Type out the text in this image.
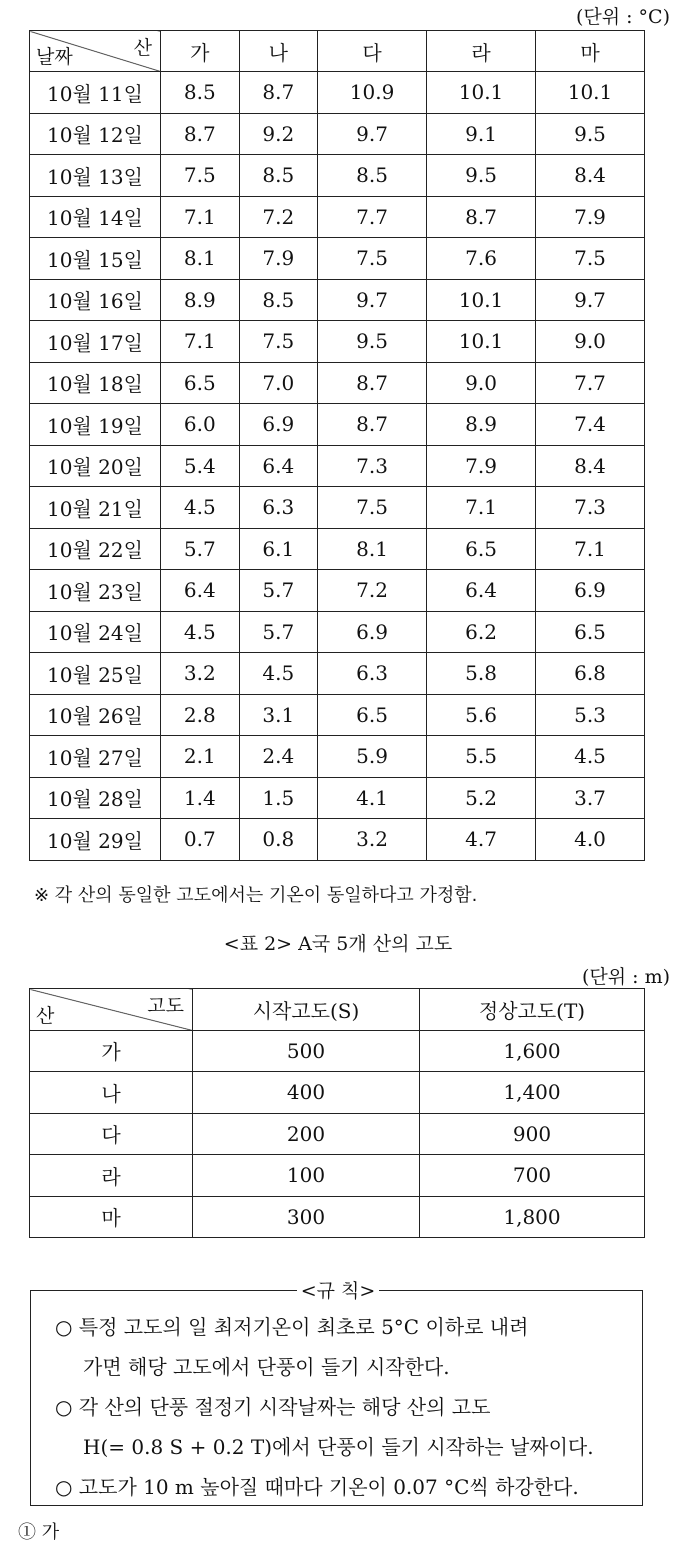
(단위 : °C)
산
날짜	가	나	다	라	마
10월 11일	8.5	8.7	10.9	10.1	10.1
10월 12일	8.7	9.2	9.7	9.1	9.5
10월 13일	7.5	8.5	8.5	9.5	8.4
10월 14일	7.1	7.2	7.7	8.7	7.9
10월 15일	8.1	7.9	7.5	7.6	7.5
10월 16일	8.9	8.5	9.7	10.1	9.7
10월 17일	7.1	7.5	9.5	10.1	9.0
10월 18일	6.5	7.0	8.7	9.0	7.7
10월 19일	6.0	6.9	8.7	8.9	7.4
10월 20일	5.4	6.4	7.3	7.9	8.4
10월 21일	4.5	6.3	7.5	7.1	7.3
10월 22일	5.7	6.1	8.1	6.5	7.1
10월 23일	6.4	5.7	7.2	6.4	6.9
10월 24일	4.5	5.7	6.9	6.2	6.5
10월 25일	3.2	4.5	6.3	5.8	6.8
10월 26일	2.8	3.1	6.5	5.6	5.3
10월 27일	2.1	2.4	5.9	5.5	4.5
10월 28일	1.4	1.5	4.1	5.2	3.7
10월 29일	0.7	0.8	3.2	4.7	4.0
※ 각 산의 동일한 고도에서는 기온이 동일하다고 가정함.
<표 2> A국 5개 산의 고도
(단위 : m)
고도
산	시작고도(S)	정상고도(T)
가	500	1,600
나	400	1,400
다	200	900
라	100	700
마	300	1,800
○ 특정 고도의 일 최저기온이 최초로 5°C 이하로 내려
가면 해당 고도에서 단풍이 들기 시작한다.
○ 각 산의 단풍 절정기 시작날짜는 해당 산의 고도
H(= 0.8 S + 0.2 T)에서 단풍이 들기 시작하는 날짜이다.
○ 고도가 10 m 높아질 때마다 기온이 0.07 °C씩 하강한다.
<규 칙>
① 가
